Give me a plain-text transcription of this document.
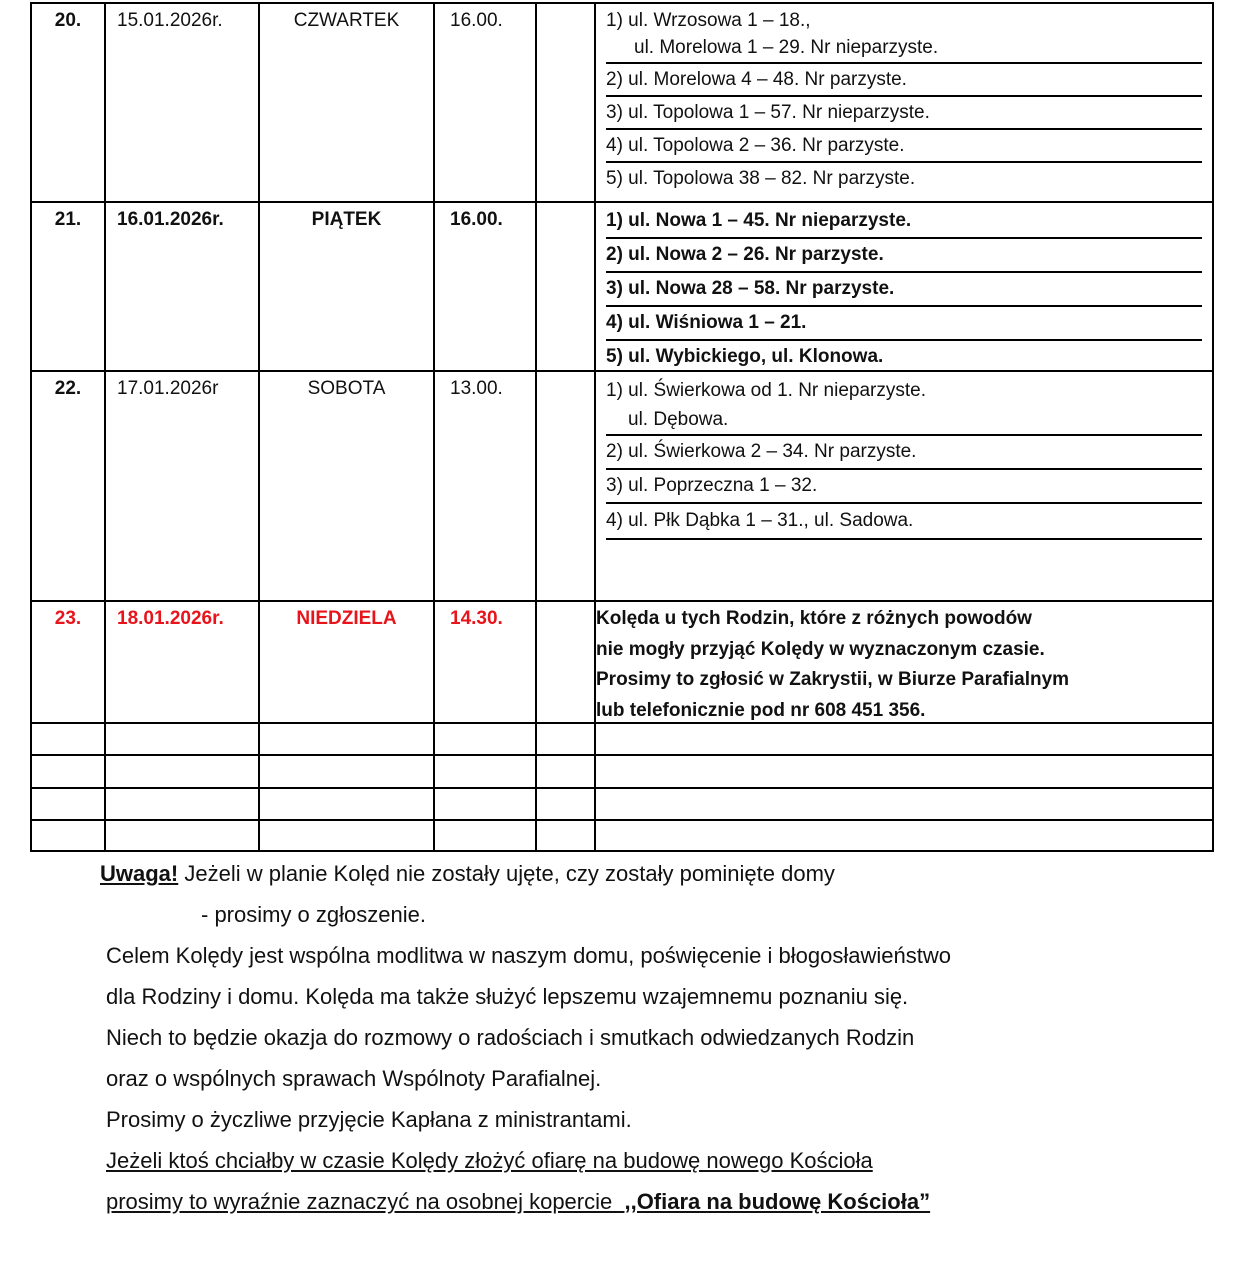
20.	15.01.2026r.	CZWARTEK	16.00.	1) ul. Wrzosowa 1 – 18.,
ul. Morelowa 1 – 29. Nr nieparzyste.
2) ul. Morelowa 4 – 48. Nr parzyste.
3) ul. Topolowa 1 – 57. Nr nieparzyste.
4) ul. Topolowa 2 – 36. Nr parzyste.
5) ul. Topolowa 38 – 82. Nr parzyste.
21.	16.01.2026r.	PIĄTEK	16.00.	1) ul. Nowa 1 – 45. Nr nieparzyste.
2) ul. Nowa 2 – 26. Nr parzyste.
3) ul. Nowa 28 – 58. Nr parzyste.
4) ul. Wiśniowa 1 – 21.
5) ul. Wybickiego, ul. Klonowa.
22.	17.01.2026r	SOBOTA	13.00.	1) ul. Świerkowa od 1. Nr nieparzyste.
ul. Dębowa.
2) ul. Świerkowa 2 – 34. Nr parzyste.
3) ul. Poprzeczna 1 – 32.
4) ul. Płk Dąbka 1 – 31., ul. Sadowa.
23.	18.01.2026r.	NIEDZIELA	14.30.	Kolęda u tych Rodzin, które z różnych powodów
nie mogły przyjąć Kolędy w wyznaczonym czasie.
Prosimy to zgłosić w Zakrystii, w Biurze Parafialnym
lub telefonicznie pod nr 608 451 356.

Uwaga! Jeżeli w planie Kolęd nie zostały ujęte, czy zostały pominięte domy

- prosimy o zgłoszenie.

Celem Kolędy jest wspólna modlitwa w naszym domu, poświęcenie i błogosławieństwo

dla Rodziny i domu. Kolęda ma także służyć lepszemu wzajemnemu poznaniu się.

Niech to będzie okazja do rozmowy o radościach i smutkach odwiedzanych Rodzin

oraz o wspólnych sprawach Wspólnoty Parafialnej.

Prosimy o życzliwe przyjęcie Kapłana z ministrantami.

Jeżeli ktoś chciałby w czasie Kolędy złożyć ofiarę na budowę nowego Kościoła

prosimy to wyraźnie zaznaczyć na osobnej kopercie  ,,Ofiara na budowę Kościoła”
